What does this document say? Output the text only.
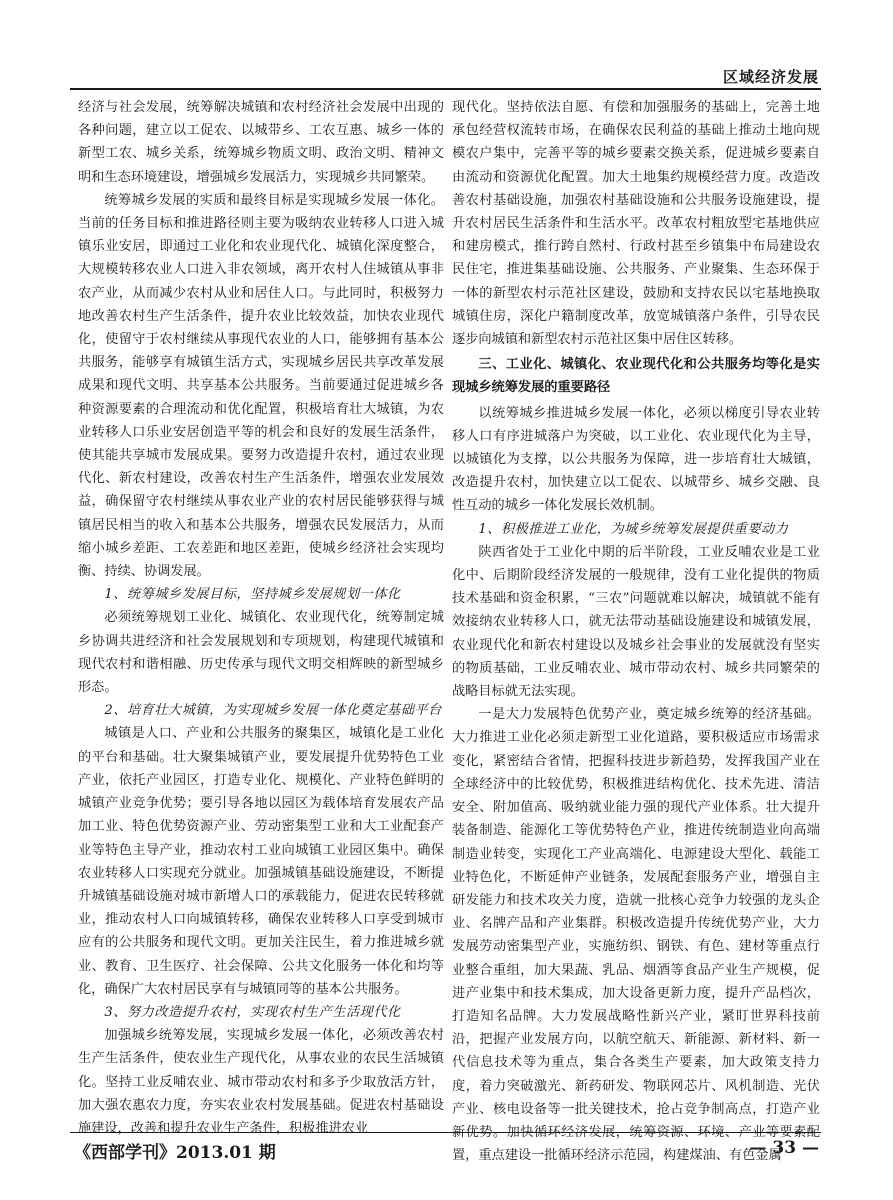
区域经济发展

经济与社会发展，统筹解决城镇和农村经济社会发展中出现的各种问题，建立以工促农、以城带乡、工农互惠、城乡一体的新型工农、城乡关系，统筹城乡物质文明、政治文明、精神文明和生态环境建设，增强城乡发展活力，实现城乡共同繁荣。

统筹城乡发展的实质和最终目标是实现城乡发展一体化。当前的任务目标和推进路径则主要为吸纳农业转移人口进入城镇乐业安居，即通过工业化和农业现代化、城镇化深度整合，大规模转移农业人口进入非农领域，离开农村人住城镇从事非农产业，从而减少农村从业和居住人口。与此同时，积极努力地改善农村生产生活条件，提升农业比较效益，加快农业现代化，使留守于农村继续从事现代农业的人口，能够拥有基本公共服务，能够享有城镇生活方式，实现城乡居民共享改革发展成果和现代文明、共享基本公共服务。当前要通过促进城乡各种资源要素的合理流动和优化配置，积极培育壮大城镇，为农业转移人口乐业安居创造平等的机会和良好的发展生活条件，使其能共享城市发展成果。要努力改造提升农村，通过农业现代化、新农村建设，改善农村生产生活条件，增强农业发展效益，确保留守农村继续从事农业产业的农村居民能够获得与城镇居民相当的收入和基本公共服务，增强农民发展活力，从而缩小城乡差距、工农差距和地区差距，使城乡经济社会实现均衡、持续、协调发展。

1、统筹城乡发展目标，坚持城乡发展规划一体化

必须统筹规划工业化、城镇化、农业现代化，统筹制定城乡协调共进经济和社会发展规划和专项规划，构建现代城镇和现代农村和谐相融、历史传承与现代文明交相辉映的新型城乡形态。

2、培育壮大城镇，为实现城乡发展一体化奠定基础平台

城镇是人口、产业和公共服务的聚集区，城镇化是工业化的平台和基础。壮大聚集城镇产业，要发展提升优势特色工业产业，依托产业园区，打造专业化、规模化、产业特色鲜明的城镇产业竞争优势；要引导各地以园区为载体培育发展农产品加工业、特色优势资源产业、劳动密集型工业和大工业配套产业等特色主导产业，推动农村工业向城镇工业园区集中。确保农业转移人口实现充分就业。加强城镇基础设施建设，不断提升城镇基础设施对城市新增人口的承载能力，促进农民转移就业，推动农村人口向城镇转移，确保农业转移人口享受到城市应有的公共服务和现代文明。更加关注民生，着力推进城乡就业、教育、卫生医疗、社会保障、公共文化服务一体化和均等化，确保广大农村居民享有与城镇同等的基本公共服务。

3、努力改造提升农村，实现农村生产生活现代化

加强城乡统筹发展，实现城乡发展一体化，必须改善农村生产生活条件，使农业生产现代化，从事农业的农民生活城镇化。坚持工业反哺农业、城市带动农村和多予少取放活方针，加大强农惠农力度，夯实农业农村发展基础。促进农村基础设施建设，改善和提升农业生产条件，积极推进农业

现代化。坚持依法自愿、有偿和加强服务的基础上，完善土地承包经营权流转市场，在确保农民利益的基础上推动土地向规模农户集中，完善平等的城乡要素交换关系，促进城乡要素自由流动和资源优化配置。加大土地集约规模经营力度。改造改善农村基础设施，加强农村基础设施和公共服务设施建设，提升农村居民生活条件和生活水平。改革农村粗放型宅基地供应和建房模式，推行跨自然村、行政村甚至乡镇集中布局建设农民住宅，推进集基础设施、公共服务、产业聚集、生态环保于一体的新型农村示范社区建设，鼓励和支持农民以宅基地换取城镇住房，深化户籍制度改革，放宽城镇落户条件，引导农民逐步向城镇和新型农村示范社区集中居住区转移。

三、工业化、城镇化、农业现代化和公共服务均等化是实现城乡统筹发展的重要路径

以统筹城乡推进城乡发展一体化，必须以梯度引导农业转移人口有序进城落户为突破，以工业化、农业现代化为主导，以城镇化为支撑，以公共服务为保障，进一步培育壮大城镇，改造提升农村，加快建立以工促农、以城带乡、城乡交融、良性互动的城乡一体化发展长效机制。

1、积极推进工业化，为城乡统筹发展提供重要动力

陕西省处于工业化中期的后半阶段，工业反哺农业是工业化中、后期阶段经济发展的一般规律，没有工业化提供的物质技术基础和资金积累，“三农”问题就难以解决，城镇就不能有效接纳农业转移人口，就无法带动基础设施建设和城镇发展，农业现代化和新农村建设以及城乡社会事业的发展就没有坚实的物质基础，工业反哺农业、城市带动农村、城乡共同繁荣的战略目标就无法实现。

一是大力发展特色优势产业，奠定城乡统筹的经济基础。大力推进工业化必须走新型工业化道路，要积极适应市场需求变化，紧密结合省情，把握科技进步新趋势，发挥我国产业在全球经济中的比较优势，积极推进结构优化、技术先进、清洁安全、附加值高、吸纳就业能力强的现代产业体系。壮大提升装备制造、能源化工等优势特色产业，推进传统制造业向高端制造业转变，实现化工产业高端化、电源建设大型化、载能工业特色化，不断延伸产业链条，发展配套服务产业，增强自主研发能力和技术攻关力度，造就一批核心竞争力较强的龙头企业、名牌产品和产业集群。积极改造提升传统优势产业，大力发展劳动密集型产业，实施纺织、钢铁、有色、建材等重点行业整合重组，加大果蔬、乳品、烟酒等食品产业生产规模，促进产业集中和技术集成，加大设备更新力度，提升产品档次，打造知名品牌。大力发展战略性新兴产业，紧盯世界科技前沿，把握产业发展方向，以航空航天、新能源、新材料、新一代信息技术等为重点，集合各类生产要素，加大政策支持力度，着力突破激光、新药研发、物联网芯片、风机制造、光伏产业、核电设备等一批关键技术，抢占竞争制高点，打造产业新优势。加快循环经济发展，统筹资源、环境、产业等要素配置，重点建设一批循环经济示范园，构建煤油、有色金属

《西部学刊》2013.01 期	— 33 —
